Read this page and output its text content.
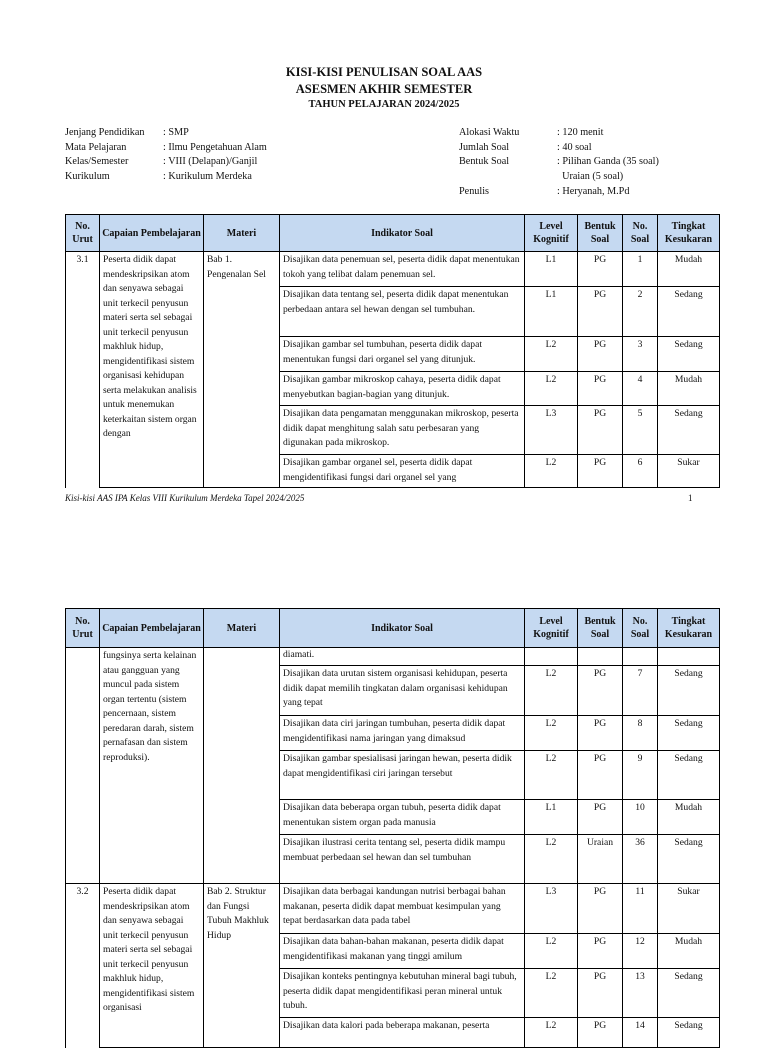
KISI-KISI PENULISAN SOAL AAS
ASESMEN AKHIR SEMESTER
TAHUN PELAJARAN 2024/2025
Jenjang Pendidikan	: SMP
Mata Pelajaran	: Ilmu Pengetahuan Alam
Kelas/Semester	: VIII (Delapan)/Ganjil
Kurikulum	: Kurikulum Merdeka
Alokasi Waktu	: 120 menit
Jumlah Soal	: 40 soal
Bentuk Soal	: Pilihan Ganda (35 soal)
Uraian (5 soal)
Penulis	: Heryanah, M.Pd
No. Urut	Capaian Pembelajaran	Materi	Indikator Soal	Level Kognitif	Bentuk Soal	No. Soal	Tingkat Kesukaran
3.1	Peserta didik dapat mendeskripsikan atom dan senyawa sebagai unit terkecil penyusun materi serta sel sebagai unit terkecil penyusun makhluk hidup, mengidentifikasi sistem organisasi kehidupan serta melakukan analisis untuk menemukan keterkaitan sistem organ dengan	Bab 1. Pengenalan Sel	Disajikan data penemuan sel, peserta didik dapat menentukan tokoh yang telibat dalam penemuan sel.	L1	PG	1	Mudah
			Disajikan data tentang sel, peserta didik dapat menentukan perbedaan antara sel hewan dengan sel tumbuhan.	L1	PG	2	Sedang
			Disajikan gambar sel tumbuhan, peserta didik dapat menentukan fungsi dari organel sel yang ditunjuk.	L2	PG	3	Sedang
			Disajikan gambar mikroskop cahaya, peserta didik dapat menyebutkan bagian-bagian yang ditunjuk.	L2	PG	4	Mudah
			Disajikan data pengamatan menggunakan mikroskop, peserta didik dapat menghitung salah satu perbesaran yang digunakan pada mikroskop.	L3	PG	5	Sedang
			Disajikan gambar organel sel, peserta didik dapat mengidentifikasi fungsi dari organel sel yang	L2	PG	6	Sukar
Kisi-kisi AAS IPA Kelas VIII Kurikulum Merdeka Tapel 2024/2025	1
No. Urut	Capaian Pembelajaran	Materi	Indikator Soal	Level Kognitif	Bentuk Soal	No. Soal	Tingkat Kesukaran
	fungsinya serta kelainan atau gangguan yang muncul pada sistem organ tertentu (sistem pencernaan, sistem peredaran darah, sistem pernafasan dan sistem reproduksi).		diamati.				
			Disajikan data urutan sistem organisasi kehidupan, peserta didik dapat memilih tingkatan dalam organisasi kehidupan yang tepat	L2	PG	7	Sedang
			Disajikan data ciri jaringan tumbuhan, peserta didik dapat mengidentifikasi nama jaringan yang dimaksud	L2	PG	8	Sedang
			Disajikan gambar spesialisasi jaringan hewan, peserta didik dapat mengidentifikasi ciri jaringan tersebut	L2	PG	9	Sedang
			Disajikan data beberapa organ tubuh, peserta didik dapat menentukan sistem organ pada manusia	L1	PG	10	Mudah
			Disajikan ilustrasi cerita tentang sel, peserta didik mampu membuat perbedaan sel hewan dan sel tumbuhan	L2	Uraian	36	Sedang
3.2	Peserta didik dapat mendeskripsikan atom dan senyawa sebagai unit terkecil penyusun materi serta sel sebagai unit terkecil penyusun makhluk hidup, mengidentifikasi sistem organisasi	Bab 2. Struktur dan Fungsi Tubuh Makhluk Hidup	Disajikan data berbagai kandungan nutrisi berbagai bahan makanan, peserta didik dapat membuat kesimpulan yang tepat berdasarkan data pada tabel	L3	PG	11	Sukar
			Disajikan data bahan-bahan makanan, peserta didik dapat mengidentifikasi makanan yang tinggi amilum	L2	PG	12	Mudah
			Disajikan konteks pentingnya kebutuhan mineral bagi tubuh, peserta didik dapat mengidentifikasi peran mineral untuk tubuh.	L2	PG	13	Sedang
			Disajikan data kalori pada beberapa makanan, peserta	L2	PG	14	Sedang
